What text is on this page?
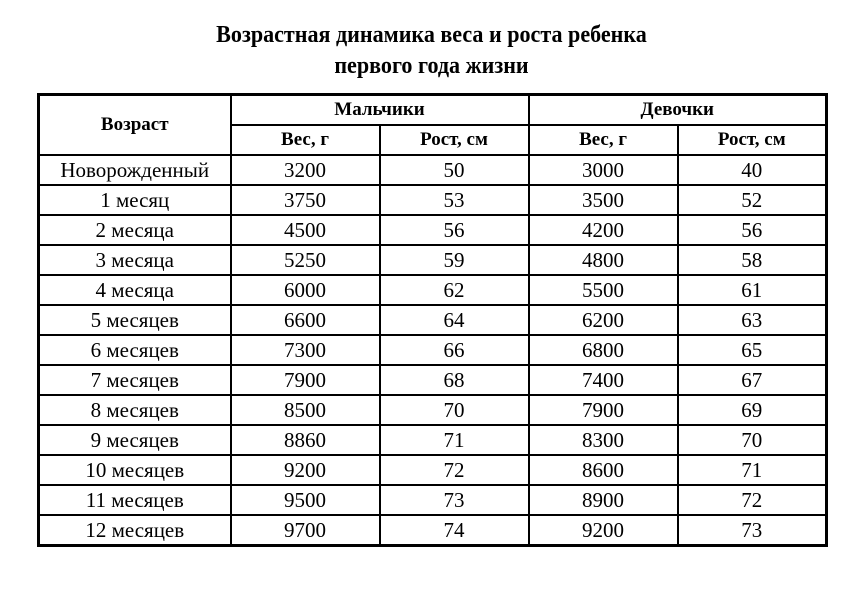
Возрастная динамика веса и роста ребенка
первого года жизни
Возраст	Мальчики		Девочки	
	Вес, г	Рост, см	Вес, г	Рост, см
Новорожденный	3200	50	3000	40
1 месяц	3750	53	3500	52
2 месяца	4500	56	4200	56
3 месяца	5250	59	4800	58
4 месяца	6000	62	5500	61
5 месяцев	6600	64	6200	63
6 месяцев	7300	66	6800	65
7 месяцев	7900	68	7400	67
8 месяцев	8500	70	7900	69
9 месяцев	8860	71	8300	70
10 месяцев	9200	72	8600	71
11 месяцев	9500	73	8900	72
12 месяцев	9700	74	9200	73
